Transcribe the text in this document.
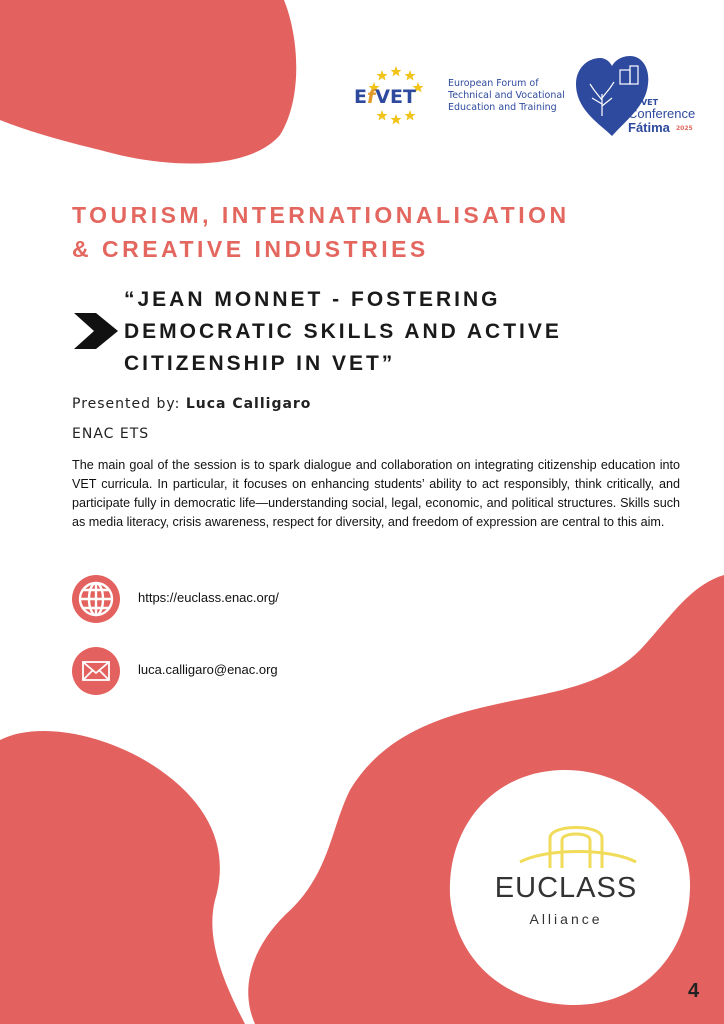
EfVET
European Forum of
Technical and Vocational
Education and Training	EfVET
Conference
Fátima 2025
TOURISM, INTERNATIONALISATION
& CREATIVE INDUSTRIES
“JEAN MONNET - FOSTERING
DEMOCRATIC SKILLS AND ACTIVE
CITIZENSHIP IN VET”
Presented by: Luca Calligaro
ENAC ETS
The main goal of the session is to spark dialogue and collaboration on integrating citizenship education into VET curricula. In particular, it focuses on enhancing students’ ability to act responsibly, think critically, and participate fully in democratic life—understanding social, legal, economic, and political structures. Skills such as media literacy, crisis awareness, respect for diversity, and freedom of expression are central to this aim.
https://euclass.enac.org/
luca.calligaro@enac.org
EUCLASS
Alliance
4
